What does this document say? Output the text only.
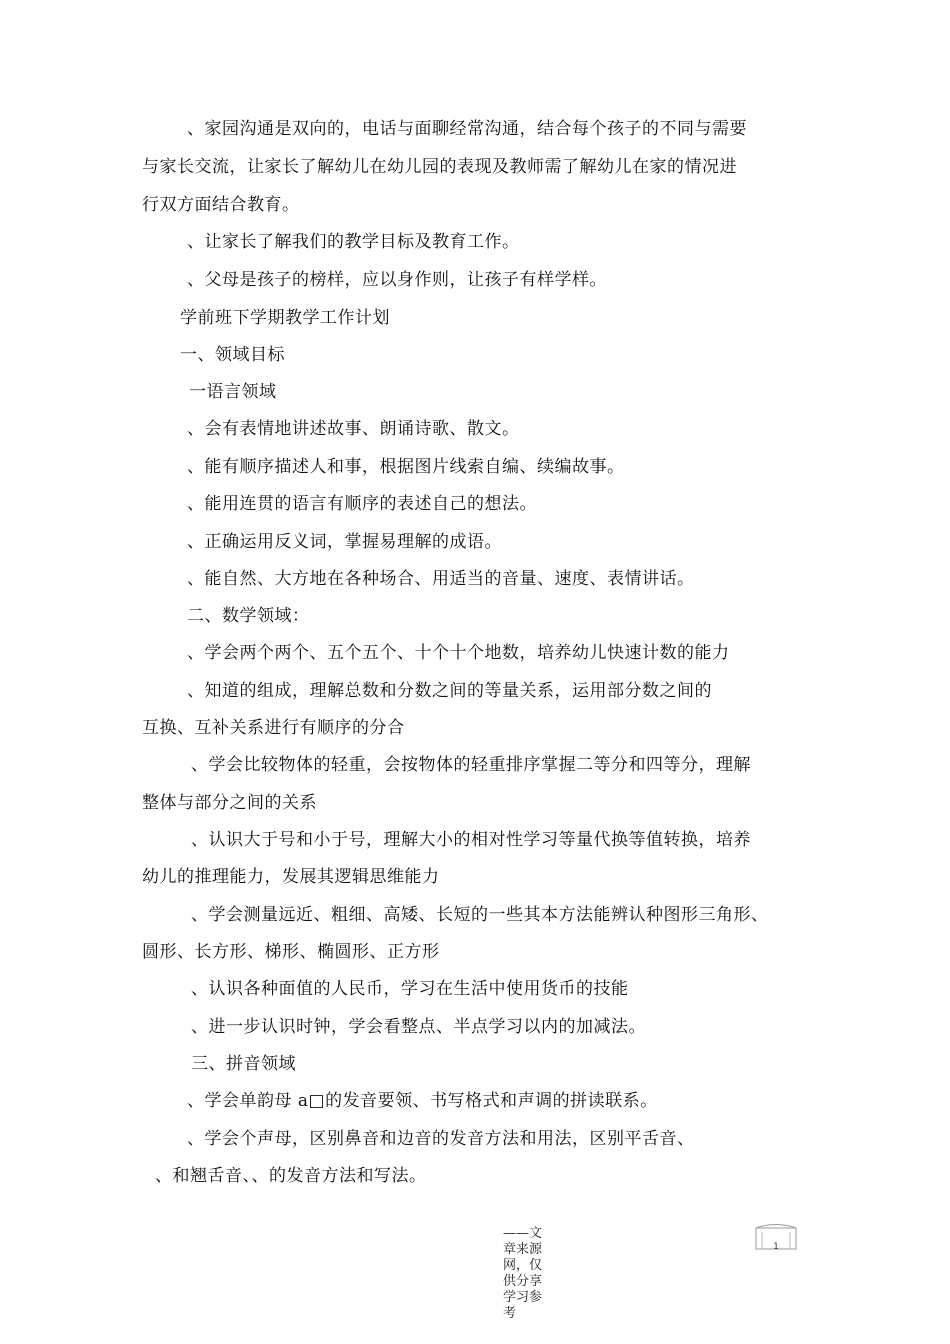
、家园沟通是双向的，电话与面聊经常沟通，结合每个孩子的不同与需要
与家长交流，让家长了解幼儿在幼儿园的表现及教师需了解幼儿在家的情况进
行双方面结合教育。
、让家长了解我们的教学目标及教育工作。
、父母是孩子的榜样，应以身作则，让孩子有样学样。
学前班下学期教学工作计划
一、领域目标
一语言领域
、会有表情地讲述故事、朗诵诗歌、散文。
、能有顺序描述人和事，根据图片线索自编、续编故事。
、能用连贯的语言有顺序的表述自己的想法。
、正确运用反义词，掌握易理解的成语。
、能自然、大方地在各种场合、用适当的音量、速度、表情讲话。
二、数学领域：
、学会两个两个、五个五个、十个十个地数，培养幼儿快速计数的能力
、知道的组成，理解总数和分数之间的等量关系，运用部分数之间的
互换、互补关系进行有顺序的分合
、学会比较物体的轻重，会按物体的轻重排序掌握二等分和四等分，理解
整体与部分之间的关系
、认识大于号和小于号，理解大小的相对性学习等量代换等值转换，培养
幼儿的推理能力，发展其逻辑思维能力
、学会测量远近、粗细、高矮、长短的一些其本方法能辨认种图形三角形、
圆形、长方形、梯形、椭圆形、正方形
、认识各种面值的人民币，学习在生活中使用货币的技能
、进一步认识时钟，学会看整点、半点学习以内的加减法。
三、拼音领域
、学会单韵母 a□的发音要领、书写格式和声调的拼读联系。
、学会个声母，区别鼻音和边音的发音方法和用法，区别平舌音、
、和翘舌音、、的发音方法和写法。
1
——文章来源网，仅供分享学习参考
